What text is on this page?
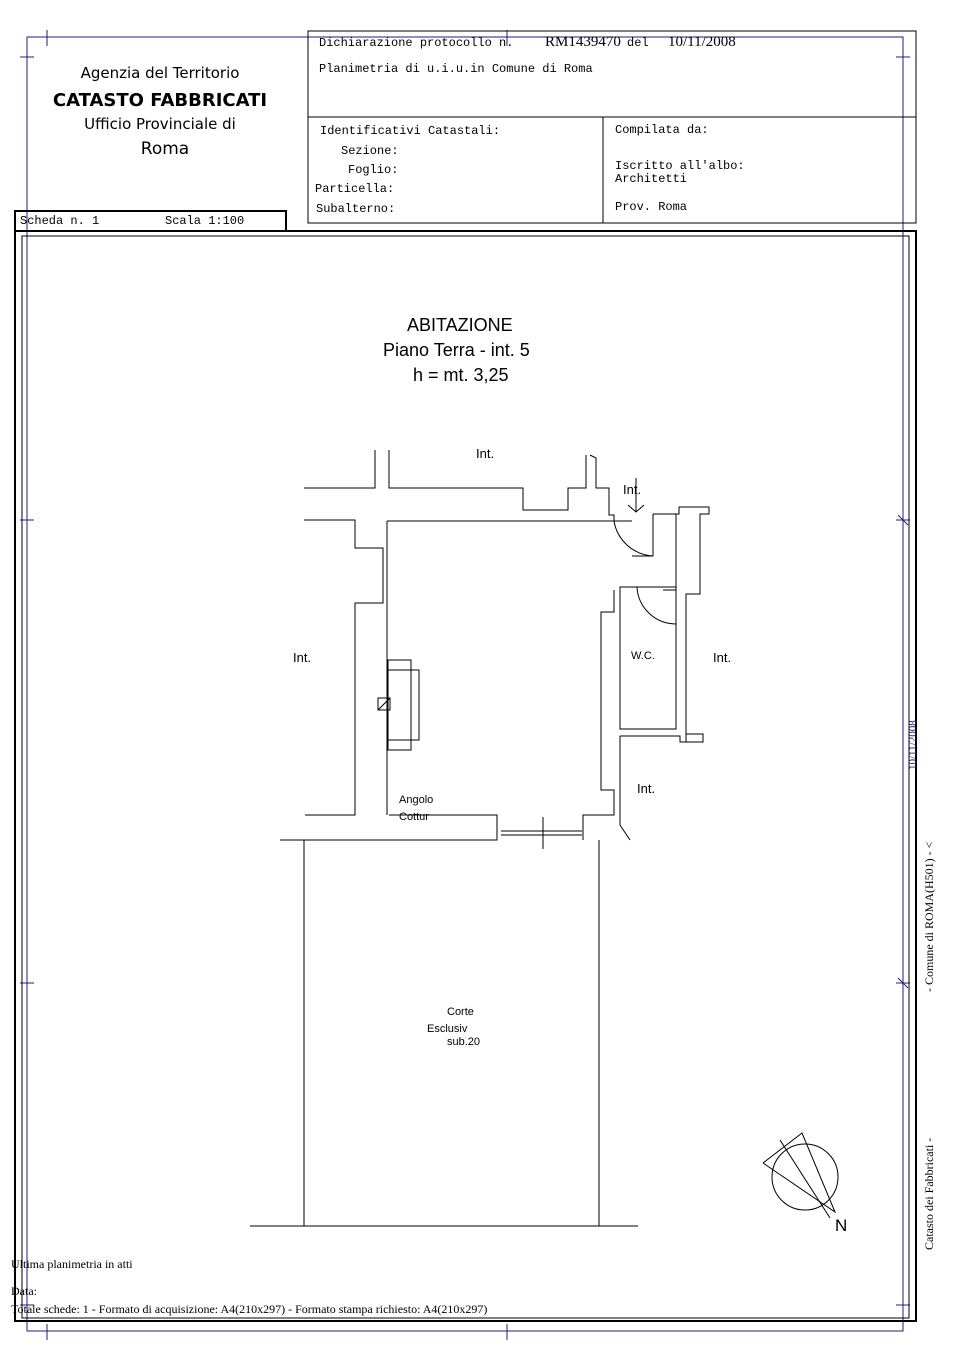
Agenzia del Territorio
CATASTO FABBRICATI
Ufficio Provinciale di
Roma
Dichiarazione protocollo n. RM1439470 del 10/11/2008
Planimetria di u.i.u.in Comune di Roma
Identificativi Catastali:
Sezione:
Foglio:
Particella:
Subalterno:
Compilata da:
Iscritto all'albo:
Architetti
Prov. Roma
Scheda n. 1	Scala 1:100
ABITAZIONE
Piano Terra - int. 5
h = mt. 3,25
Int.
Int.
Int.	Int.
Int.
W.C.
Angolo
Cottur
Corte
Esclusiv
sub.20
N
10/11/2008
- Comune di ROMA(H501) - <
Catasto dei Fabbricati -
Ultima planimetria in atti
Data:
Totale schede: 1 - Formato di acquisizione: A4(210x297) - Formato stampa richiesto: A4(210x297)
